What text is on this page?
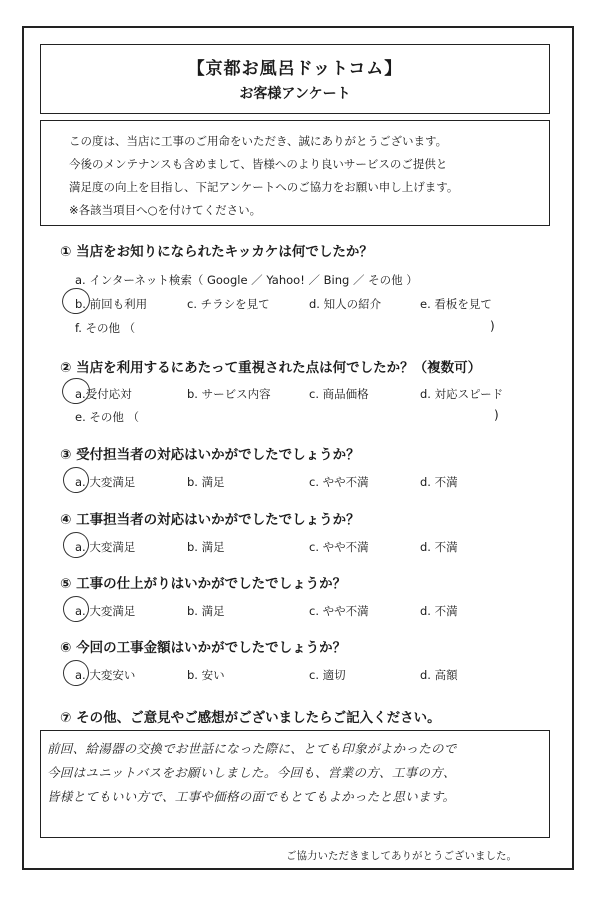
【京都お風呂ドットコム】
お客様アンケート
この度は、当店に工事のご用命をいただき、誠にありがとうございます。
今後のメンテナンスも含めまして、皆様へのより良いサービスのご提供と
満足度の向上を目指し、下記アンケートへのご協力をお願い申し上げます。
※各該当項目へ○を付けてください。
① 当店をお知りになられたキッカケは何でしたか？
a. インターネット検索（ Google ／ Yahoo! ／ Bing ／ その他 ）
b. 前回も利用	c. チラシを見て	d. 知人の紹介	e. 看板を見て
f. その他 （	)
② 当店を利用するにあたって重視された点は何でしたか？（複数可）
a.受付応対	b. サービス内容	c. 商品価格	d. 対応スピード
e. その他 （	)
③ 受付担当者の対応はいかがでしたでしょうか？
a. 大変満足	b. 満足	c. やや不満	d. 不満
④ 工事担当者の対応はいかがでしたでしょうか？
a. 大変満足	b. 満足	c. やや不満	d. 不満
⑤ 工事の仕上がりはいかがでしたでしょうか？
a. 大変満足	b. 満足	c. やや不満	d. 不満
⑥ 今回の工事金額はいかがでしたでしょうか？
a. 大変安い	b. 安い	c. 適切	d. 高額
⑦ その他、ご意見やご感想がございましたらご記入ください。
前回、給湯器の交換でお世話になった際に、とても印象がよかったので
今回はユニットバスをお願いしました。今回も、営業の方、工事の方、
皆様とてもいい方で、工事や価格の面でもとてもよかったと思います。
ご協力いただきましてありがとうございました。
